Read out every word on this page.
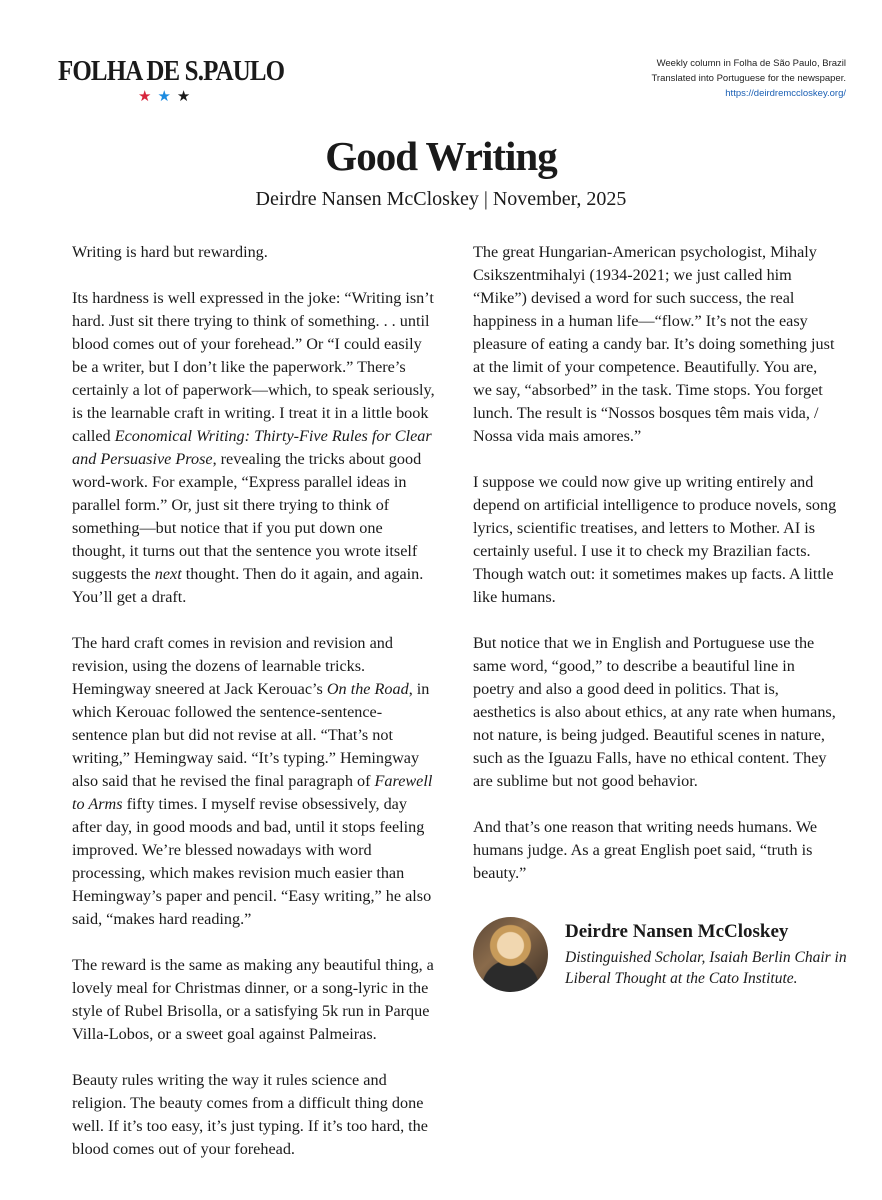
FOLHA DE S.PAULO
★★★
Weekly column in Folha de São Paulo, Brazil
Translated into Portuguese for the newspaper.
https://deirdremccloskey.org/
Good Writing
Deirdre Nansen McCloskey | November, 2025

Writing is hard but rewarding.

Its hardness is well expressed in the joke: “Writing isn’t hard. Just sit there trying to think of something. . . until blood comes out of your forehead.” Or “I could easily be a writer, but I don’t like the paperwork.” There’s certainly a lot of paperwork—which, to speak seriously, is the learnable craft in writing. I treat it in a little book called Economical Writing: Thirty-Five Rules for Clear and Persuasive Prose, revealing the tricks about good word-work. For example, “Express parallel ideas in parallel form.” Or, just sit there trying to think of something—but notice that if you put down one thought, it turns out that the sentence you wrote itself suggests the next thought. Then do it again, and again. You’ll get a draft.

The hard craft comes in revision and revision and revision, using the dozens of learnable tricks. Hemingway sneered at Jack Kerouac’s On the Road, in which Kerouac followed the sentence-sentence-sentence plan but did not revise at all. “That’s not writing,” Hemingway said. “It’s typing.” Hemingway also said that he revised the final paragraph of Farewell to Arms fifty times. I myself revise obsessively, day after day, in good moods and bad, until it stops feeling improved. We’re blessed nowadays with word processing, which makes revision much easier than Hemingway’s paper and pencil. “Easy writing,” he also said, “makes hard reading.”

The reward is the same as making any beautiful thing, a lovely meal for Christmas dinner, or a song-lyric in the style of Rubel Brisolla, or a satisfying 5k run in Parque Villa-Lobos, or a sweet goal against Palmeiras.

Beauty rules writing the way it rules science and religion. The beauty comes from a difficult thing done well. If it’s too easy, it’s just typing. If it’s too hard, the blood comes out of your forehead.

The great Hungarian-American psychologist, Mihaly Csikszentmihalyi (1934-2021; we just called him “Mike”) devised a word for such success, the real happiness in a human life—“flow.” It’s not the easy pleasure of eating a candy bar. It’s doing something just at the limit of your competence. Beautifully. You are, we say, “absorbed” in the task. Time stops. You forget lunch. The result is “Nossos bosques têm mais vida, / Nossa vida mais amores.”

I suppose we could now give up writing entirely and depend on artificial intelligence to produce novels, song lyrics, scientific treatises, and letters to Mother. AI is certainly useful. I use it to check my Brazilian facts. Though watch out: it sometimes makes up facts. A little like humans.

But notice that we in English and Portuguese use the same word, “good,” to describe a beautiful line in poetry and also a good deed in politics. That is, aesthetics is also about ethics, at any rate when humans, not nature, is being judged. Beautiful scenes in nature, such as the Iguazu Falls, have no ethical content. They are sublime but not good behavior.

And that’s one reason that writing needs humans. We humans judge. As a great English poet said, “truth is beauty.”

Deirdre Nansen McCloskey
Distinguished Scholar, Isaiah Berlin Chair in Liberal Thought at the Cato Institute.
